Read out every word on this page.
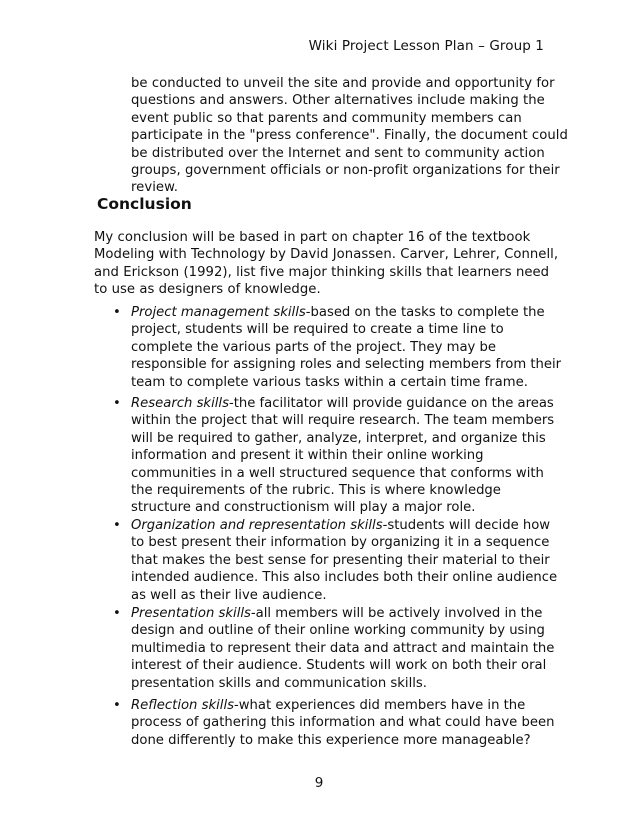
Wiki Project Lesson Plan – Group 1

be conducted to unveil the site and provide and opportunity for
questions and answers. Other alternatives include making the
event public so that parents and community members can
participate in the "press conference". Finally, the document could
be distributed over the Internet and sent to community action
groups, government officials or non-profit organizations for their
review.

Conclusion

My conclusion will be based in part on chapter 16 of the textbook
Modeling with Technology by David Jonassen. Carver, Lehrer, Connell,
and Erickson (1992), list five major thinking skills that learners need
to use as designers of knowledge.

• Project management skills-based on the tasks to complete the
project, students will be required to create a time line to
complete the various parts of the project. They may be
responsible for assigning roles and selecting members from their
team to complete various tasks within a certain time frame.
• Research skills-the facilitator will provide guidance on the areas
within the project that will require research. The team members
will be required to gather, analyze, interpret, and organize this
information and present it within their online working
communities in a well structured sequence that conforms with
the requirements of the rubric. This is where knowledge
structure and constructionism will play a major role.
• Organization and representation skills-students will decide how
to best present their information by organizing it in a sequence
that makes the best sense for presenting their material to their
intended audience. This also includes both their online audience
as well as their live audience.
• Presentation skills-all members will be actively involved in the
design and outline of their online working community by using
multimedia to represent their data and attract and maintain the
interest of their audience. Students will work on both their oral
presentation skills and communication skills.
• Reflection skills-what experiences did members have in the
process of gathering this information and what could have been
done differently to make this experience more manageable?
9
